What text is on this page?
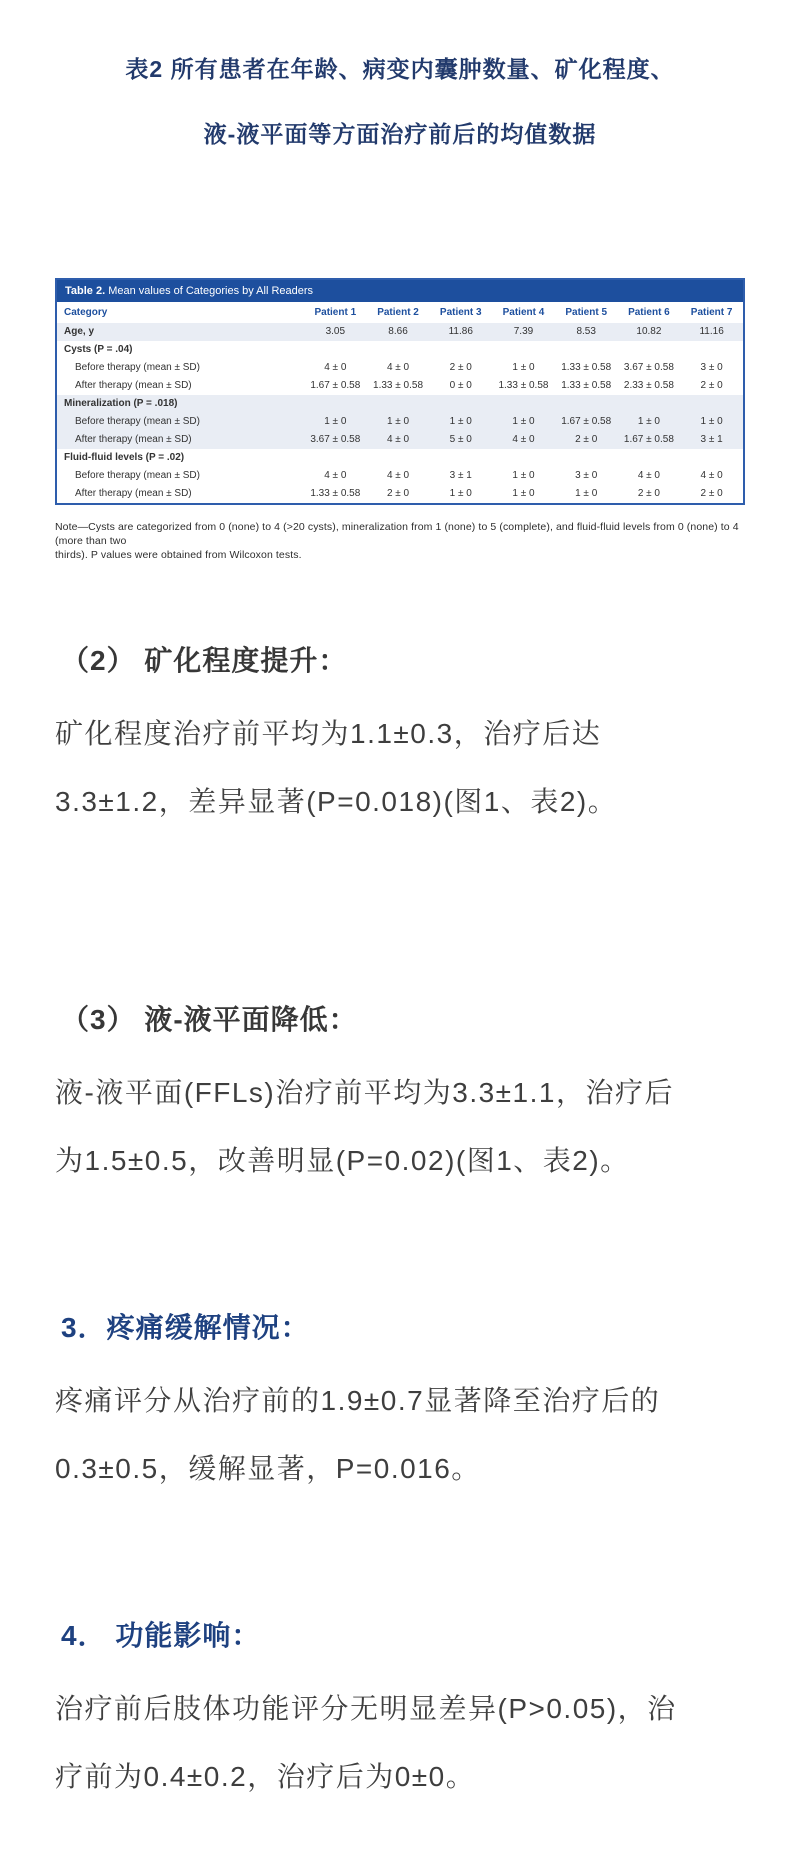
表2 所有患者在年龄、病变内囊肿数量、矿化程度、
液-液平面等方面治疗前后的均值数据
Table 2. Mean values of Categories by All Readers
Category	Patient 1	Patient 2	Patient 3	Patient 4	Patient 5	Patient 6	Patient 7
Age, y	3.05	8.66	11.86	7.39	8.53	10.82	11.16
Cysts (P = .04)							
Before therapy (mean ± SD)	4 ± 0	4 ± 0	2 ± 0	1 ± 0	1.33 ± 0.58	3.67 ± 0.58	3 ± 0
After therapy (mean ± SD)	1.67 ± 0.58	1.33 ± 0.58	0 ± 0	1.33 ± 0.58	1.33 ± 0.58	2.33 ± 0.58	2 ± 0
Mineralization (P = .018)							
Before therapy (mean ± SD)	1 ± 0	1 ± 0	1 ± 0	1 ± 0	1.67 ± 0.58	1 ± 0	1 ± 0
After therapy (mean ± SD)	3.67 ± 0.58	4 ± 0	5 ± 0	4 ± 0	2 ± 0	1.67 ± 0.58	3 ± 1
Fluid-fluid levels (P = .02)							
Before therapy (mean ± SD)	4 ± 0	4 ± 0	3 ± 1	1 ± 0	3 ± 0	4 ± 0	4 ± 0
After therapy (mean ± SD)	1.33 ± 0.58	2 ± 0	1 ± 0	1 ± 0	1 ± 0	2 ± 0	2 ± 0
Note—Cysts are categorized from 0 (none) to 4 (>20 cysts), mineralization from 1 (none) to 5 (complete), and fluid-fluid levels from 0 (none) to 4 (more than two
thirds). P values were obtained from Wilcoxon tests.
（2） 矿化程度提升：
矿化程度治疗前平均为1.1±0.3，治疗后达
3.3±1.2，差异显著(P=0.018)(图1、表2)。
（3） 液-液平面降低：
液-液平面(FFLs)治疗前平均为3.3±1.1，治疗后
为1.5±0.5，改善明显(P=0.02)(图1、表2)。
3．疼痛缓解情况：
疼痛评分从治疗前的1.9±0.7显著降至治疗后的
0.3±0.5，缓解显著，P=0.016。
4． 功能影响：
治疗前后肢体功能评分无明显差异(P>0.05)，治
疗前为0.4±0.2，治疗后为0±0。
